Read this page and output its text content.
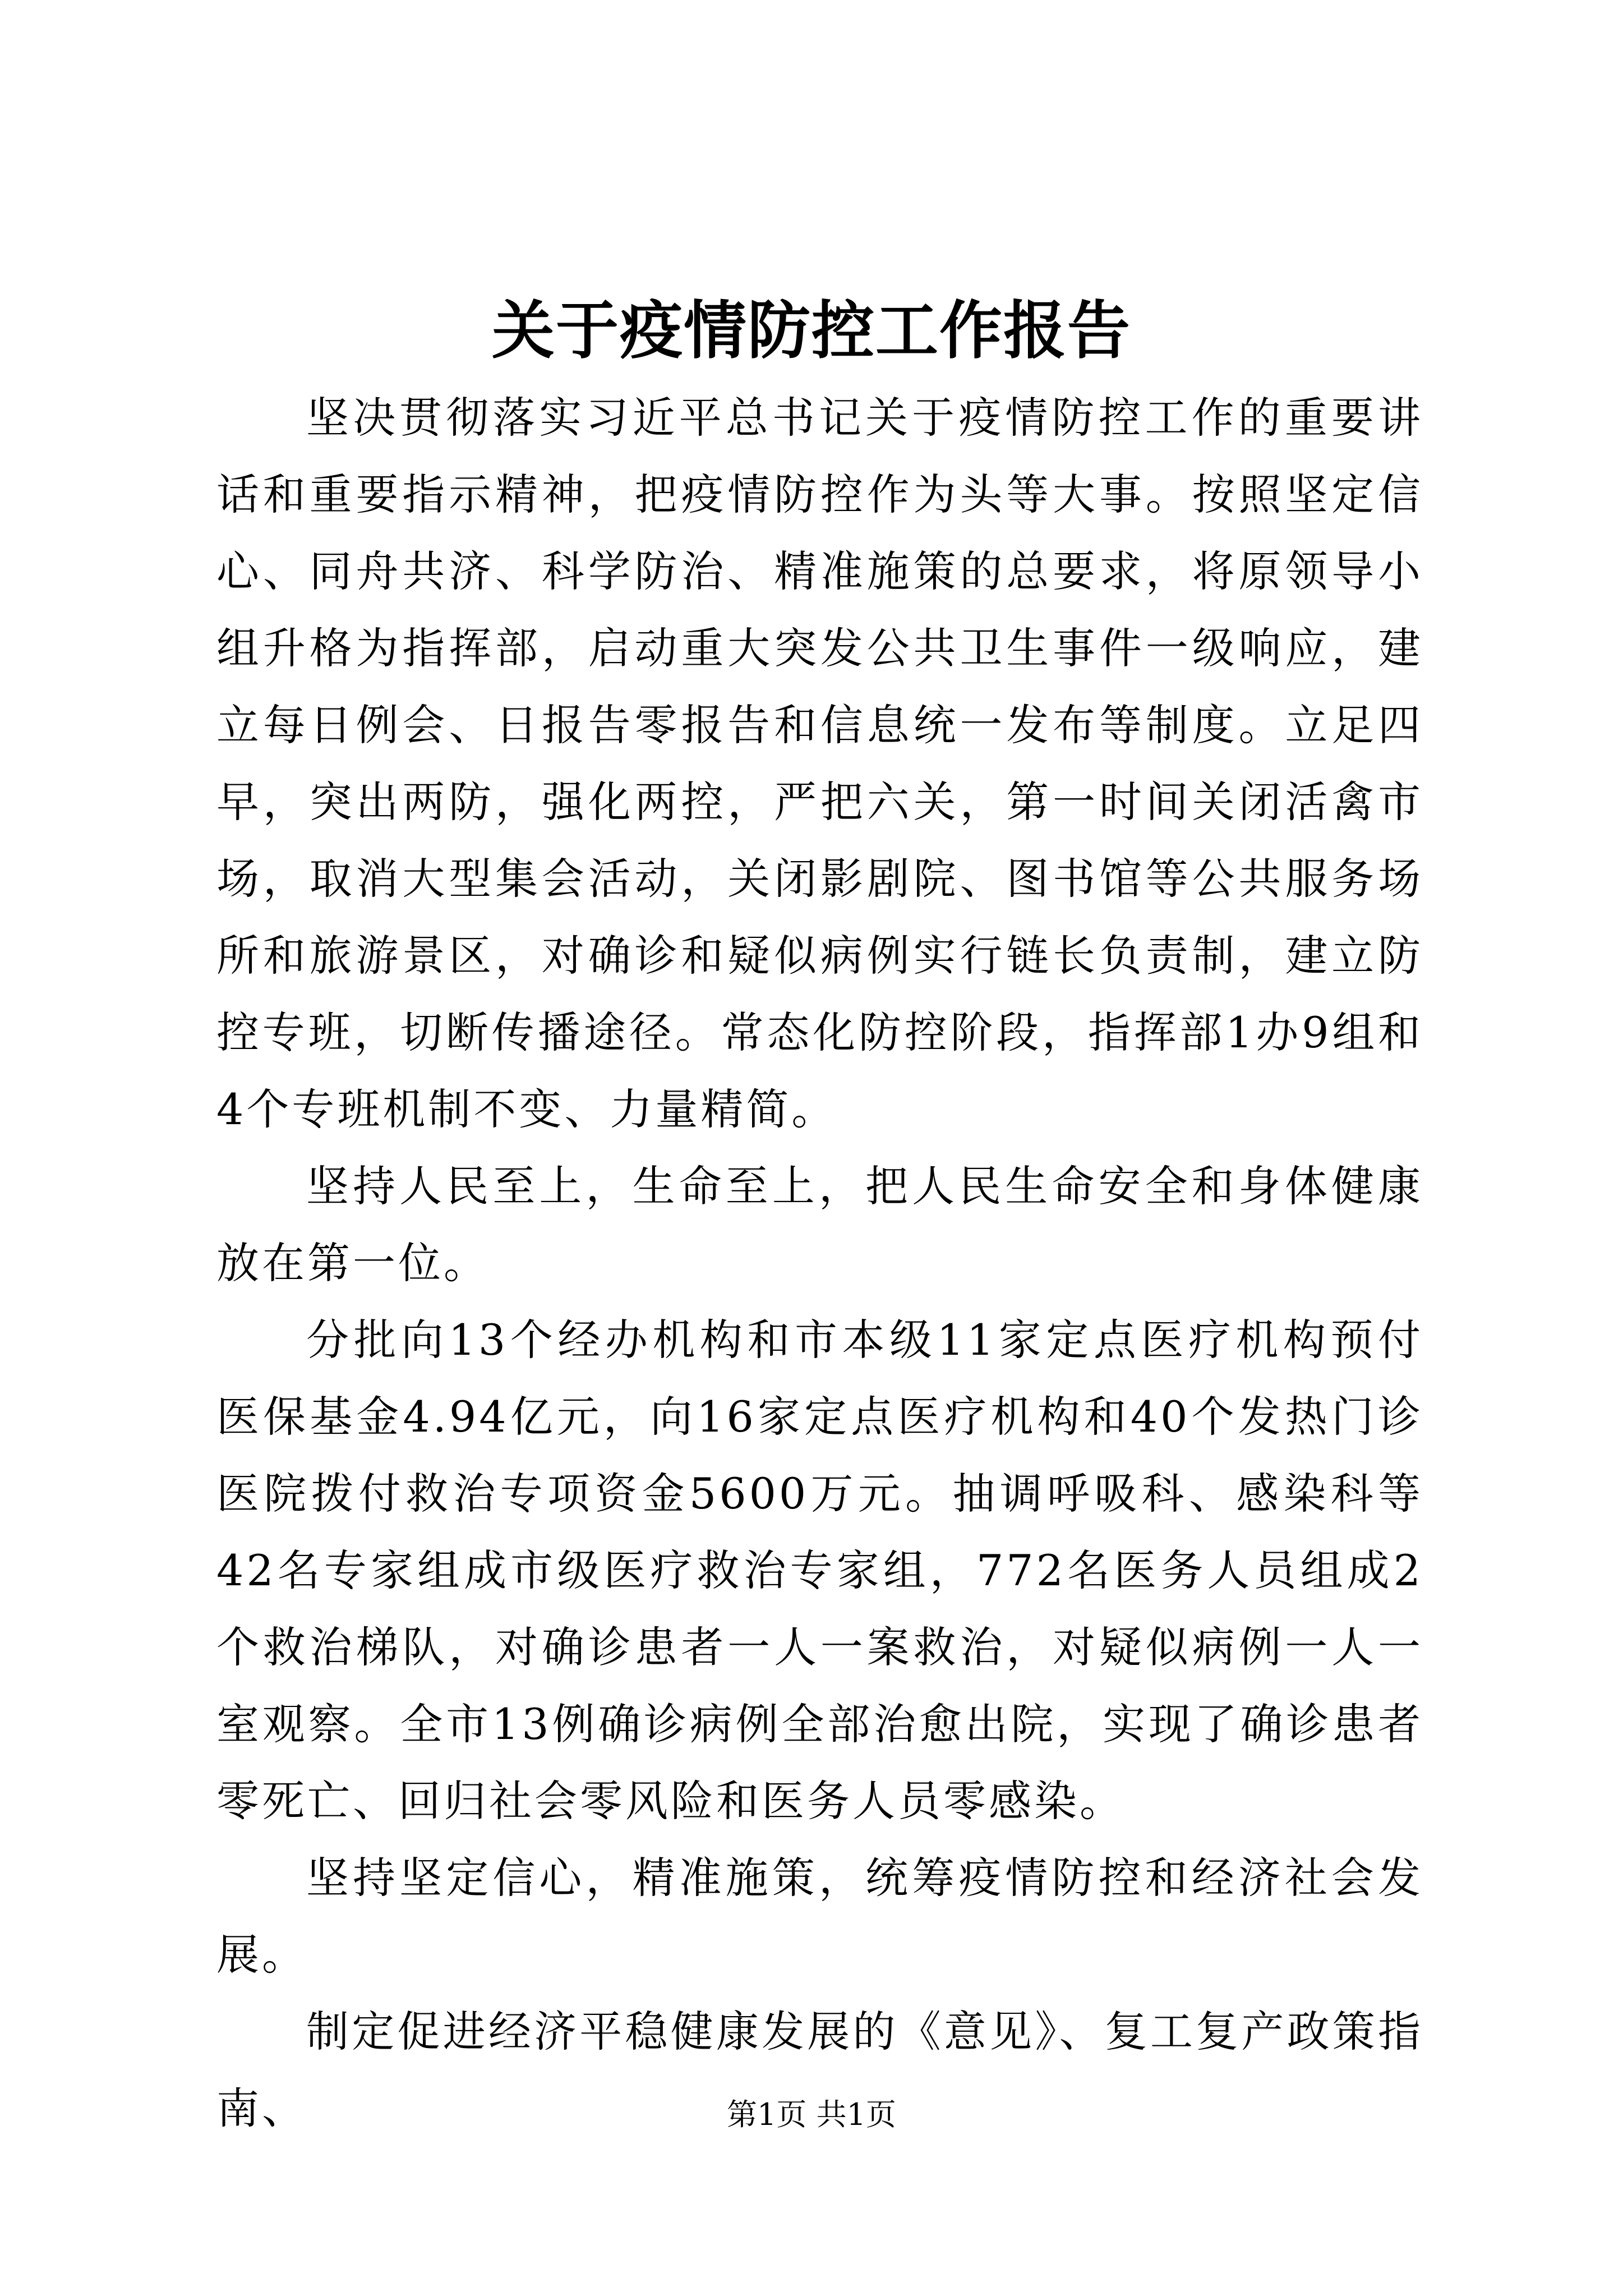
关于疫情防控工作报告

坚决贯彻落实习近平总书记关于疫情防控工作的重要讲话和重要指示精神，把疫情防控作为头等大事。按照坚定信心、同舟共济、科学防治、精准施策的总要求，将原领导小组升格为指挥部，启动重大突发公共卫生事件一级响应，建立每日例会、日报告零报告和信息统一发布等制度。立足四早，突出两防，强化两控，严把六关，第一时间关闭活禽市场，取消大型集会活动，关闭影剧院、图书馆等公共服务场所和旅游景区，对确诊和疑似病例实行链长负责制，建立防控专班，切断传播途径。常态化防控阶段，指挥部1办9组和4个专班机制不变、力量精简。

坚持人民至上，生命至上，把人民生命安全和身体健康放在第一位。

分批向13个经办机构和市本级11家定点医疗机构预付医保基金4.94亿元，向16家定点医疗机构和40个发热门诊医院拨付救治专项资金5600万元。抽调呼吸科、感染科等42名专家组成市级医疗救治专家组，772名医务人员组成2个救治梯队，对确诊患者一人一案救治，对疑似病例一人一室观察。全市13例确诊病例全部治愈出院，实现了确诊患者零死亡、回归社会零风险和医务人员零感染。

坚持坚定信心，精准施策，统筹疫情防控和经济社会发展。

制定促进经济平稳健康发展的《意见》、复工复产政策指南、	第1页 共1页
